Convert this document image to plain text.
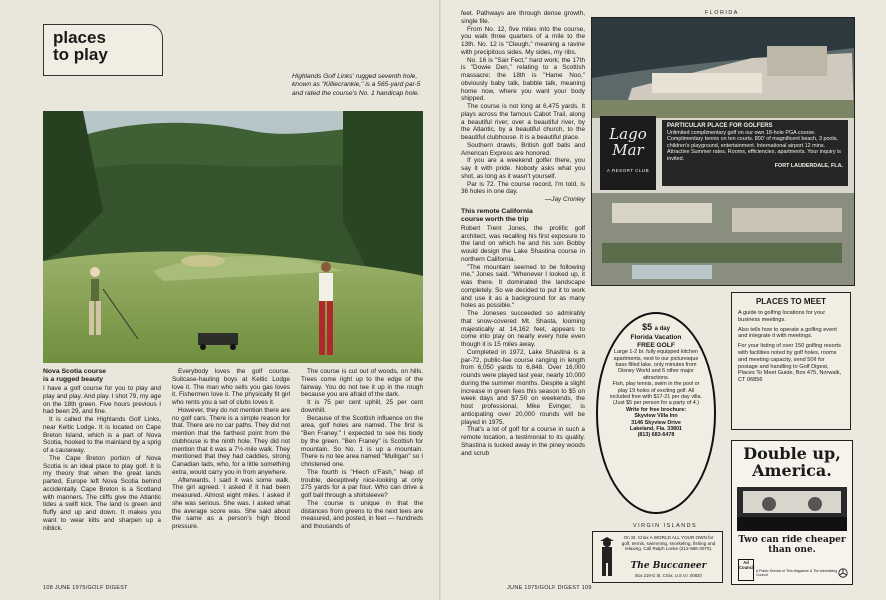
places
to play
Highlands Golf Links' rugged seventh hole, known as "Killiecrankie," is a 565-yard par-5 and rated the course's No. 1 handicap hole.
Nova Scotia course
is a rugged beauty

I have a golf course for you to play and play and play. And play. I shot 79, my age on the 18th green. Five hours previous I had been 29, and fine.

It is called the Highlands Golf Links, near Keltic Lodge. It is located on Cape Breton Island, which is a part of Nova Scotia, hooked to the mainland by a sprig of a causeway.

The Cape Breton portion of Nova Scotia is an ideal place to play golf. It is my theory that when the great lands parted, Europe left Nova Scotia behind accidentally. Cape Breton is a Scotland with manners. The cliffs give the Atlantic tides a swift kick. The land is green and fluffy and up and down. It makes you want to wear kilts and sharpen up a niblick.

Everybody loves the golf course. Suitcase-hauling boys at Keltic Lodge love it. The man who sells you gas loves it. Fishermen love it. The physically fit girl who rents you a set of clubs loves it.

However, they do not mention there are no golf cars. There is a simple reason for that. There are no car paths. They did not mention that the farthest point from the clubhouse is the ninth hole. They did not mention that it was a 7½-mile walk. They mentioned that they had caddies, strong Canadian lads, who, for a little something extra, would carry you in from anywhere.

Afterwards, I said it was some walk. The girl agreed. I asked if it had been measured. Almost eight miles. I asked if she was serious. She was. I asked what the average score was. She said about the same as a person's high blood pressure.

The course is cut out of woods, on hills. Trees come right up to the edge of the fairway. You do not tee it up in the rough because you are afraid of the dark.

It is 75 per cent uphill, 25 per cent downhill.

Because of the Scottish influence on the area, golf holes are named. The first is "Ben Franey." I expected to see his body by the green. "Ben Franey" is Scottish for mountain. So No. 1 is up a mountain. There is no tee area named "Mulligan" so I christened one.

The fourth is "Hiech o'Fash," heap of trouble, deceptively nice-looking at only 275 yards for a par four. Who can drive a golf ball through a shirtsleeve?

The course is unique in that the distances from greens to the next tees are measured, and posted, in feet — hundreds and thousands of

108 JUNE 1975/GOLF DIGEST

feet. Pathways are through dense growth, single file.

From No. 12, five miles into the course, you walk three quarters of a mile to the 13th. No. 12 is "Cleugh," meaning a ravine with precipitous sides. My sides, my ribs.

No. 16 is "Sair Fect," hard work; the 17th is "Dowie Den," relating to a Scottish massacre; the 18th is "Hame Noo," obviously baby talk, babble talk, meaning home now, where you want your body shipped.

The course is not long at 6,475 yards. It plays across the famous Cabot Trail, along a beautiful river, over a beautiful river, by the Atlantic, by a beautiful church, to the beautiful clubhouse. It is a beautiful place.

Southern drawls, British golf balls and American Express are honored.

If you are a weekend golfer there, you say it with pride. Nobody asks what you shot, as long as it wasn't yourself.

Par is 72. The course record, I'm told, is 36 holes in one day.

—Jay Cronley
This remote California
course worth the trip

Robert Trent Jones, the prolific golf architect, was recalling his first exposure to the land on which he and his son Bobby would design the Lake Shastina course in northern California.

"The mountain seemed to be following me," Jones said. "Whenever I looked up, it was there. It dominated the landscape completely. So we decided to put it to work and use it as a background for as many holes as possible."

The Joneses succeeded so admirably that snow-covered Mt. Shasta, looming majestically at 14,162 feet, appears to come into play on nearly every hole even though it is 15 miles away.

Completed in 1972, Lake Shastina is a par-72, public-fee course ranging in length from 6,050 yards to 6,848. Over 16,000 rounds were played last year, nearly 10,000 during the summer months. Despite a slight increase in green fees this season to $5 on week days and $7.50 on weekends, the host professional, Mike Evinger, is anticipating over 20,000 rounds will be played in 1975.

That's a lot of golf for a course in such a remote location, a testimonial to its quality. Shastina is tucked away in the piney woods and scrub

JUNE 1975/GOLF DIGEST 109
FLORIDA
Lago
Mar
A RESORT CLUB
PARTICULAR PLACE FOR GOLFERS
Unlimited complimentary golf on our own 18-hole PGA course. Complimentary tennis on ten courts. 800' of magnificent beach, 3 pools, children's playground, entertainment. International airport 12 mins. Attractive Summer rates. Rooms, efficiencies, apartments. Your inquiry is invited.
FORT LAUDERDALE, FLA.
$5 a day
Florida Vacation
FREE GOLF
Large 1-2 br. fully equipped kitchen apartments, next to our picturesque bass filled lake, only minutes from Disney World and 6 other major attractions.
Fish, play tennis, swim in the pool or play 19 holes of exciting golf. All included free with $17-21 per day villa. (Just $5 per person for a party of 4.)
Write for free brochure:
Skyview Villa Inn
3146 Skyview Drive
Lakeland, Fla. 33801
(813) 683-6478
PLACES TO MEET

A guide to golfing locations for your business meetings.

Also tells how to operate a golfing event and integrate it with meetings.

For your listing of over 150 golfing resorts with facilities noted by golf holes, rooms and meeting capacity, send 50¢ for postage and handling to Golf Digest, Places To Meet Guide, Box 475, Norwalk, CT 06856

VIRGIN ISLANDS
On St. Croix A WORLD ALL YOUR OWN for golf, tennis, swimming, snorkeling, fishing and relaxing. Call Ralph Locke (212-586-3070).
The Buccaneer
Box 218-G St. Croix, U.S.V.I. 00820
Double up,
America.
Two can ride cheaper
than one.
Ad Council
A Public Service of This Magazine & The Advertising Council
